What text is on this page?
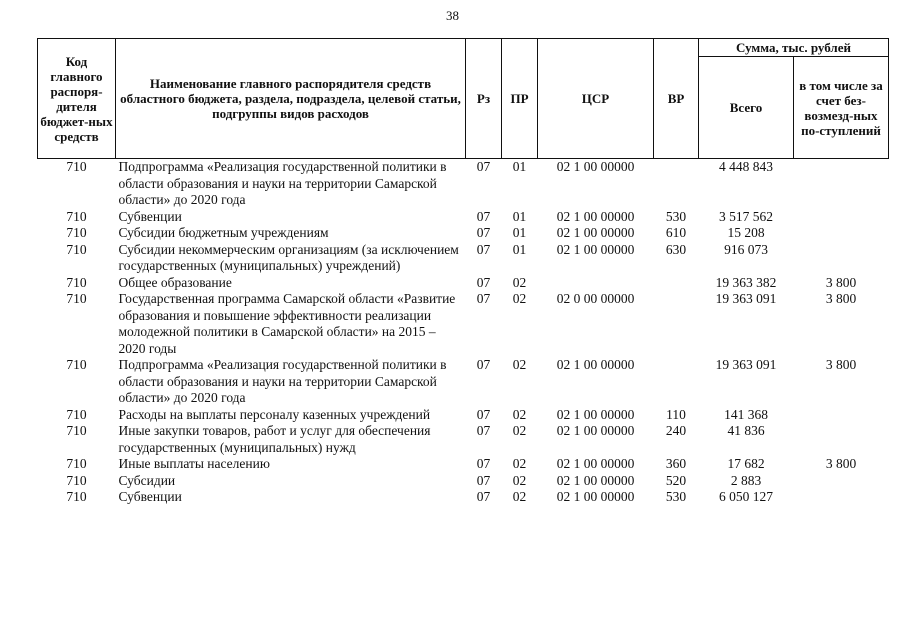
38
Код главного распоря-дителя бюджет-ных средств	Наименование главного распорядителя средств областного бюджета, раздела, подраздела, целевой статьи, подгруппы видов расходов	Рз	ПР	ЦСР	ВР	Сумма, тыс. рублей	
						Всего	в том числе за счет без-возмезд-ных по-ступлений
710	Подпрограмма «Реализация государственной политики в области образования и науки на территории Самарской области» до 2020 года	07	01	02 1 00 00000		4 448 843	
710	Субвенции	07	01	02 1 00 00000	530	3 517 562	
710	Субсидии бюджетным учреждениям	07	01	02 1 00 00000	610	15 208	
710	Субсидии некоммерческим организациям (за исключением государственных (муниципальных) учреждений)	07	01	02 1 00 00000	630	916 073	
710	Общее образование	07	02			19 363 382	3 800
710	Государственная программа Самарской области «Развитие образования и повышение эффективности реализации молодежной политики в Самарской области» на 2015 – 2020 годы	07	02	02 0 00 00000		19 363 091	3 800
710	Подпрограмма «Реализация государственной политики в области образования и науки на территории Самарской области» до 2020 года	07	02	02 1 00 00000		19 363 091	3 800
710	Расходы на выплаты персоналу казенных учреждений	07	02	02 1 00 00000	110	141 368	
710	Иные закупки товаров, работ и услуг для обеспечения государственных (муниципальных) нужд	07	02	02 1 00 00000	240	41 836	
710	Иные выплаты населению	07	02	02 1 00 00000	360	17 682	3 800
710	Субсидии	07	02	02 1 00 00000	520	2 883	
710	Субвенции	07	02	02 1 00 00000	530	6 050 127	
